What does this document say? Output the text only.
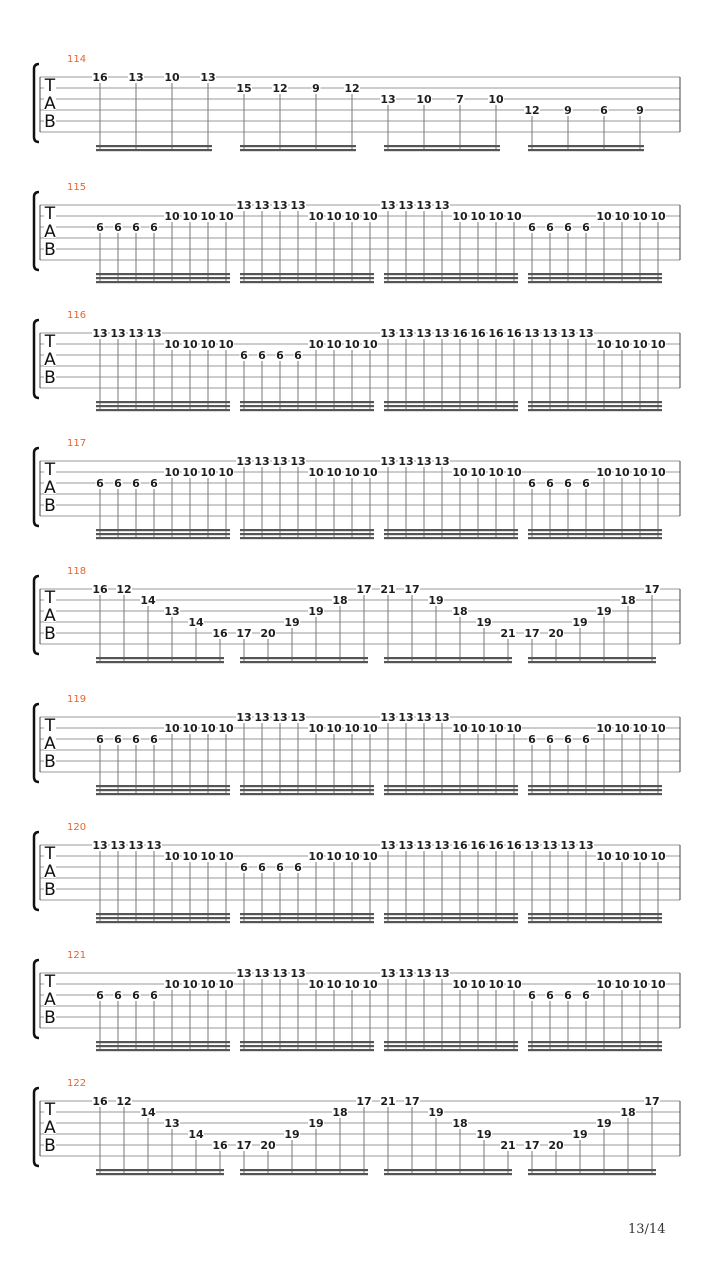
114
T
A
B
16 13 10 13
15 12 9 12
13 10 7 10
12 9	6	9
115
T
A
B
6 6 6 6
10 10 10 10
13 13 13 13
10 10 10 10
13 13 13 13
10 10 10 10
6 6 6 6
10 10 10 10
116
T
A
B
13 13 13 13
10 10 10 10
6 6 6 6
10 10 10 10
13 13 13 13 16 16 16 16 13 13 13 13
10 10 10 10
117
T
A
B
6 6 6 6
10 10 10 10
13 13 13 13
10 10 10 10
13 13 13 13
10 10 10 10
6 6 6 6
10 10 10 10
118
T
A
B
16 12
14
13
14
16 17 20
19
19
18
17 21 17
19
18
19
21 17 20
19
19
18
17
119
T
A
B
6 6 6 6
10 10 10 10
13 13 13 13
10 10 10 10
13 13 13 13
10 10 10 10
6 6 6 6
10 10 10 10
120
T
A
B
13 13 13 13
10 10 10 10
6 6 6 6
10 10 10 10
13 13 13 13 16 16 16 16 13 13 13 13
10 10 10 10
121
T
A
B
6 6 6 6
10 10 10 10
13 13 13 13
10 10 10 10
13 13 13 13
10 10 10 10
6 6 6 6
10 10 10 10
122
T
A
B
16 12
14
13
14
16 17 20
19
19
18
17 21 17
19
18
19
21 17 20
19
19
18
17
13/14
